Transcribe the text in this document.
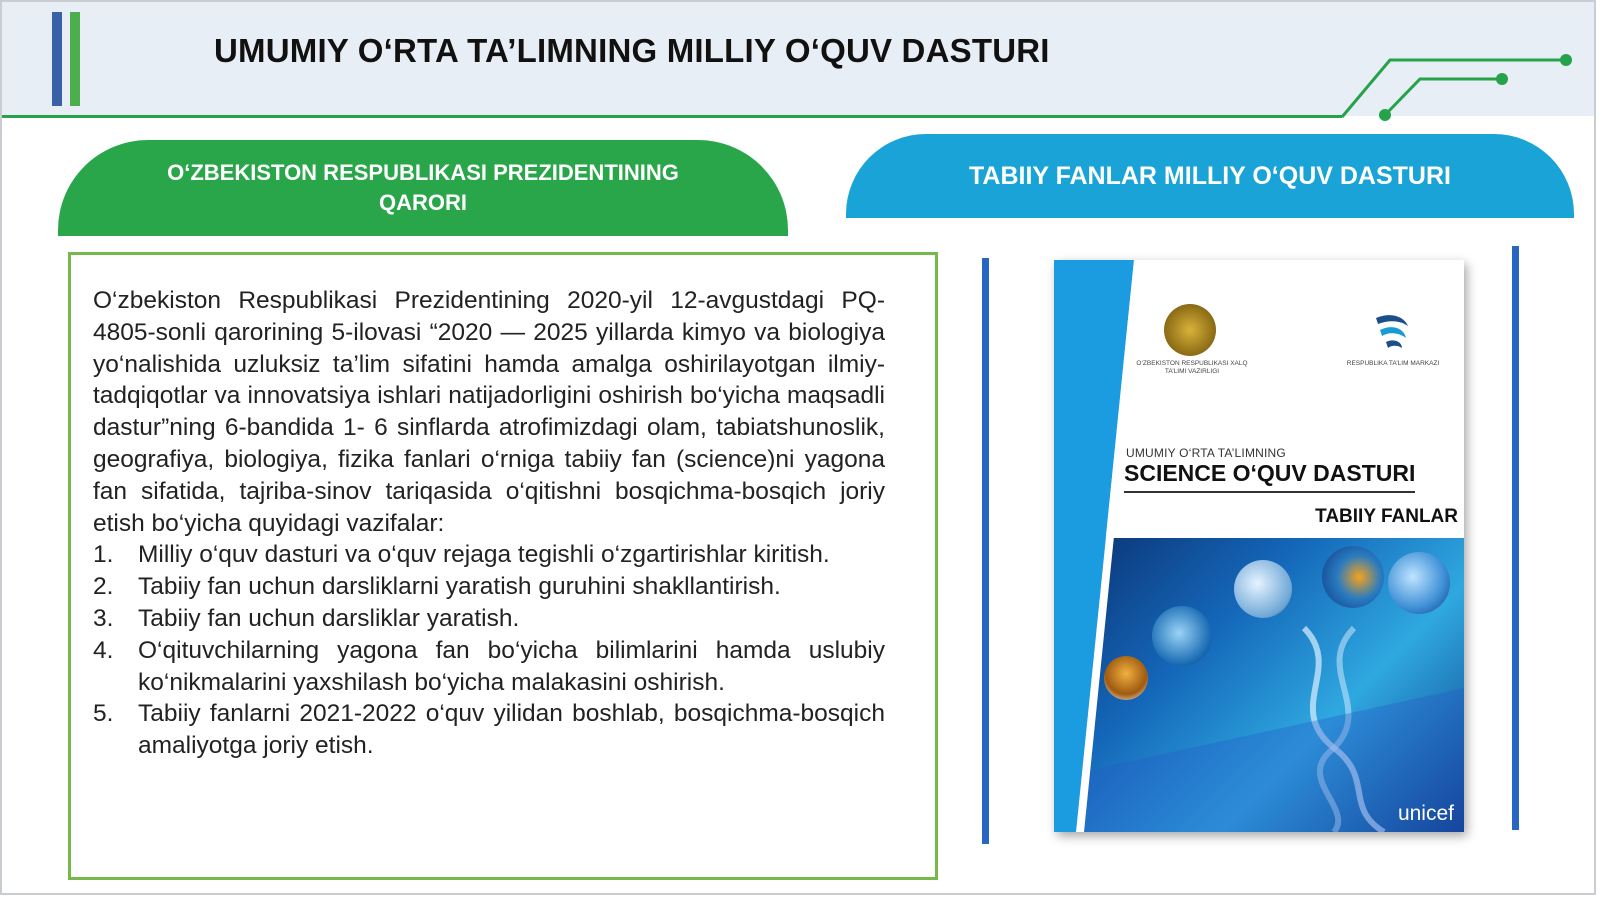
UMUMIY O‘RTA TA’LIMNING MILLIY O‘QUV DASTURI
O‘ZBEKISTON RESPUBLIKASI PREZIDENTINING QARORI
TABIIY FANLAR MILLIY O‘QUV DASTURI

O‘zbekiston Respublikasi Prezidentining 2020-yil 12-avgustdagi PQ-4805-sonli qarorining 5-ilovasi “2020 — 2025 yillarda kimyo va biologiya yo‘nalishida uzluksiz ta’lim sifatini hamda amalga oshirilayotgan ilmiy-tadqiqotlar va innovatsiya ishlari natijadorligini oshirish bo‘yicha maqsadli dastur”ning 6-bandida 1- 6 sinflarda atrofimizdagi olam, tabiatshunoslik, geografiya, biologiya, fizika fanlari o‘rniga tabiiy fan (science)ni yagona fan sifatida, tajriba-sinov tariqasida o‘qitishni bosqichma-bosqich joriy etish bo‘yicha quyidagi vazifalar:

1. Milliy o‘quv dasturi va o‘quv rejaga tegishli o‘zgartirishlar kiritish.
2. Tabiiy fan uchun darsliklarni yaratish guruhini shakllantirish.
3. Tabiiy fan uchun darsliklar yaratish.
4. O‘qituvchilarning yagona fan bo‘yicha bilimlarini hamda uslubiy ko‘nikmalarini yaxshilash bo‘yicha malakasini oshirish.
5. Tabiiy fanlarni 2021-2022 o‘quv yilidan boshlab, bosqichma-bosqich amaliyotga joriy etish.
unicef
O‘ZBEKISTON RESPUBLIKASI XALQ TA’LIMI VAZIRLIGI
RESPUBLIKA TA’LIM MARKAZI
UMUMIY O‘RTA TA’LIMNING
SCIENCE O‘QUV DASTURI
TABIIY FANLAR
